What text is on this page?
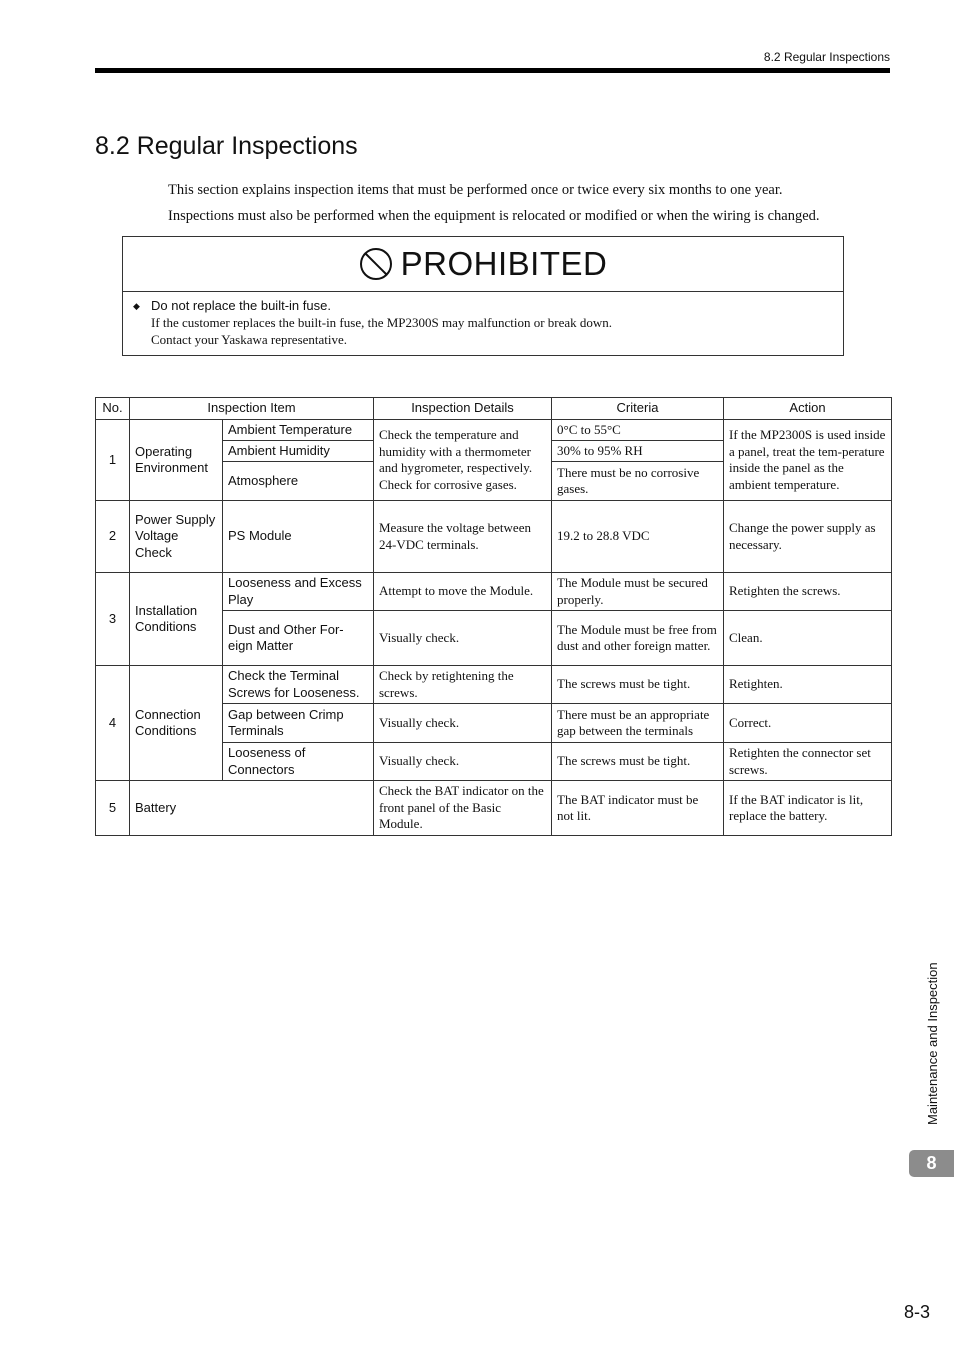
8.2 Regular Inspections
8.2 Regular Inspections

This section explains inspection items that must be performed once or twice every six months to one year.

Inspections must also be performed when the equipment is relocated or modified or when the wiring is changed.

PROHIBITED
◆ Do not replace the built-in fuse.
If the customer replaces the built-in fuse, the MP2300S may malfunction or break down.
Contact your Yaskawa representative.
No.	Inspection Item		Inspection Details	Criteria	Action
1	Operating Environment	Ambient Temperature	Check the temperature and humidity with a thermometer and hygrometer, respectively. Check for corrosive gases.	0°C to 55°C	If the MP2300S is used inside a panel, treat the tem-perature inside the panel as the ambient temperature.
		Ambient Humidity		30% to 95% RH	
		Atmosphere		There must be no corrosive gases.	
2	Power Supply Voltage Check	PS Module	Measure the voltage between 24-VDC terminals.	19.2 to 28.8 VDC	Change the power supply as necessary.
3	Installation Conditions	Looseness and Excess Play	Attempt to move the Module.	The Module must be secured properly.	Retighten the screws.
		Dust and Other For-eign Matter	Visually check.	The Module must be free from dust and other foreign matter.	Clean.
4	Connection Conditions	Check the Terminal Screws for Looseness.	Check by retightening the screws.	The screws must be tight.	Retighten.
		Gap between Crimp Terminals	Visually check.	There must be an appropriate gap between the terminals	Correct.
		Looseness of Connectors	Visually check.	The screws must be tight.	Retighten the connector set screws.
5	Battery		Check the BAT indicator on the front panel of the Basic Module.	The BAT indicator must be not lit.	If the BAT indicator is lit, replace the battery.
Maintenance and Inspection
8
8-3
